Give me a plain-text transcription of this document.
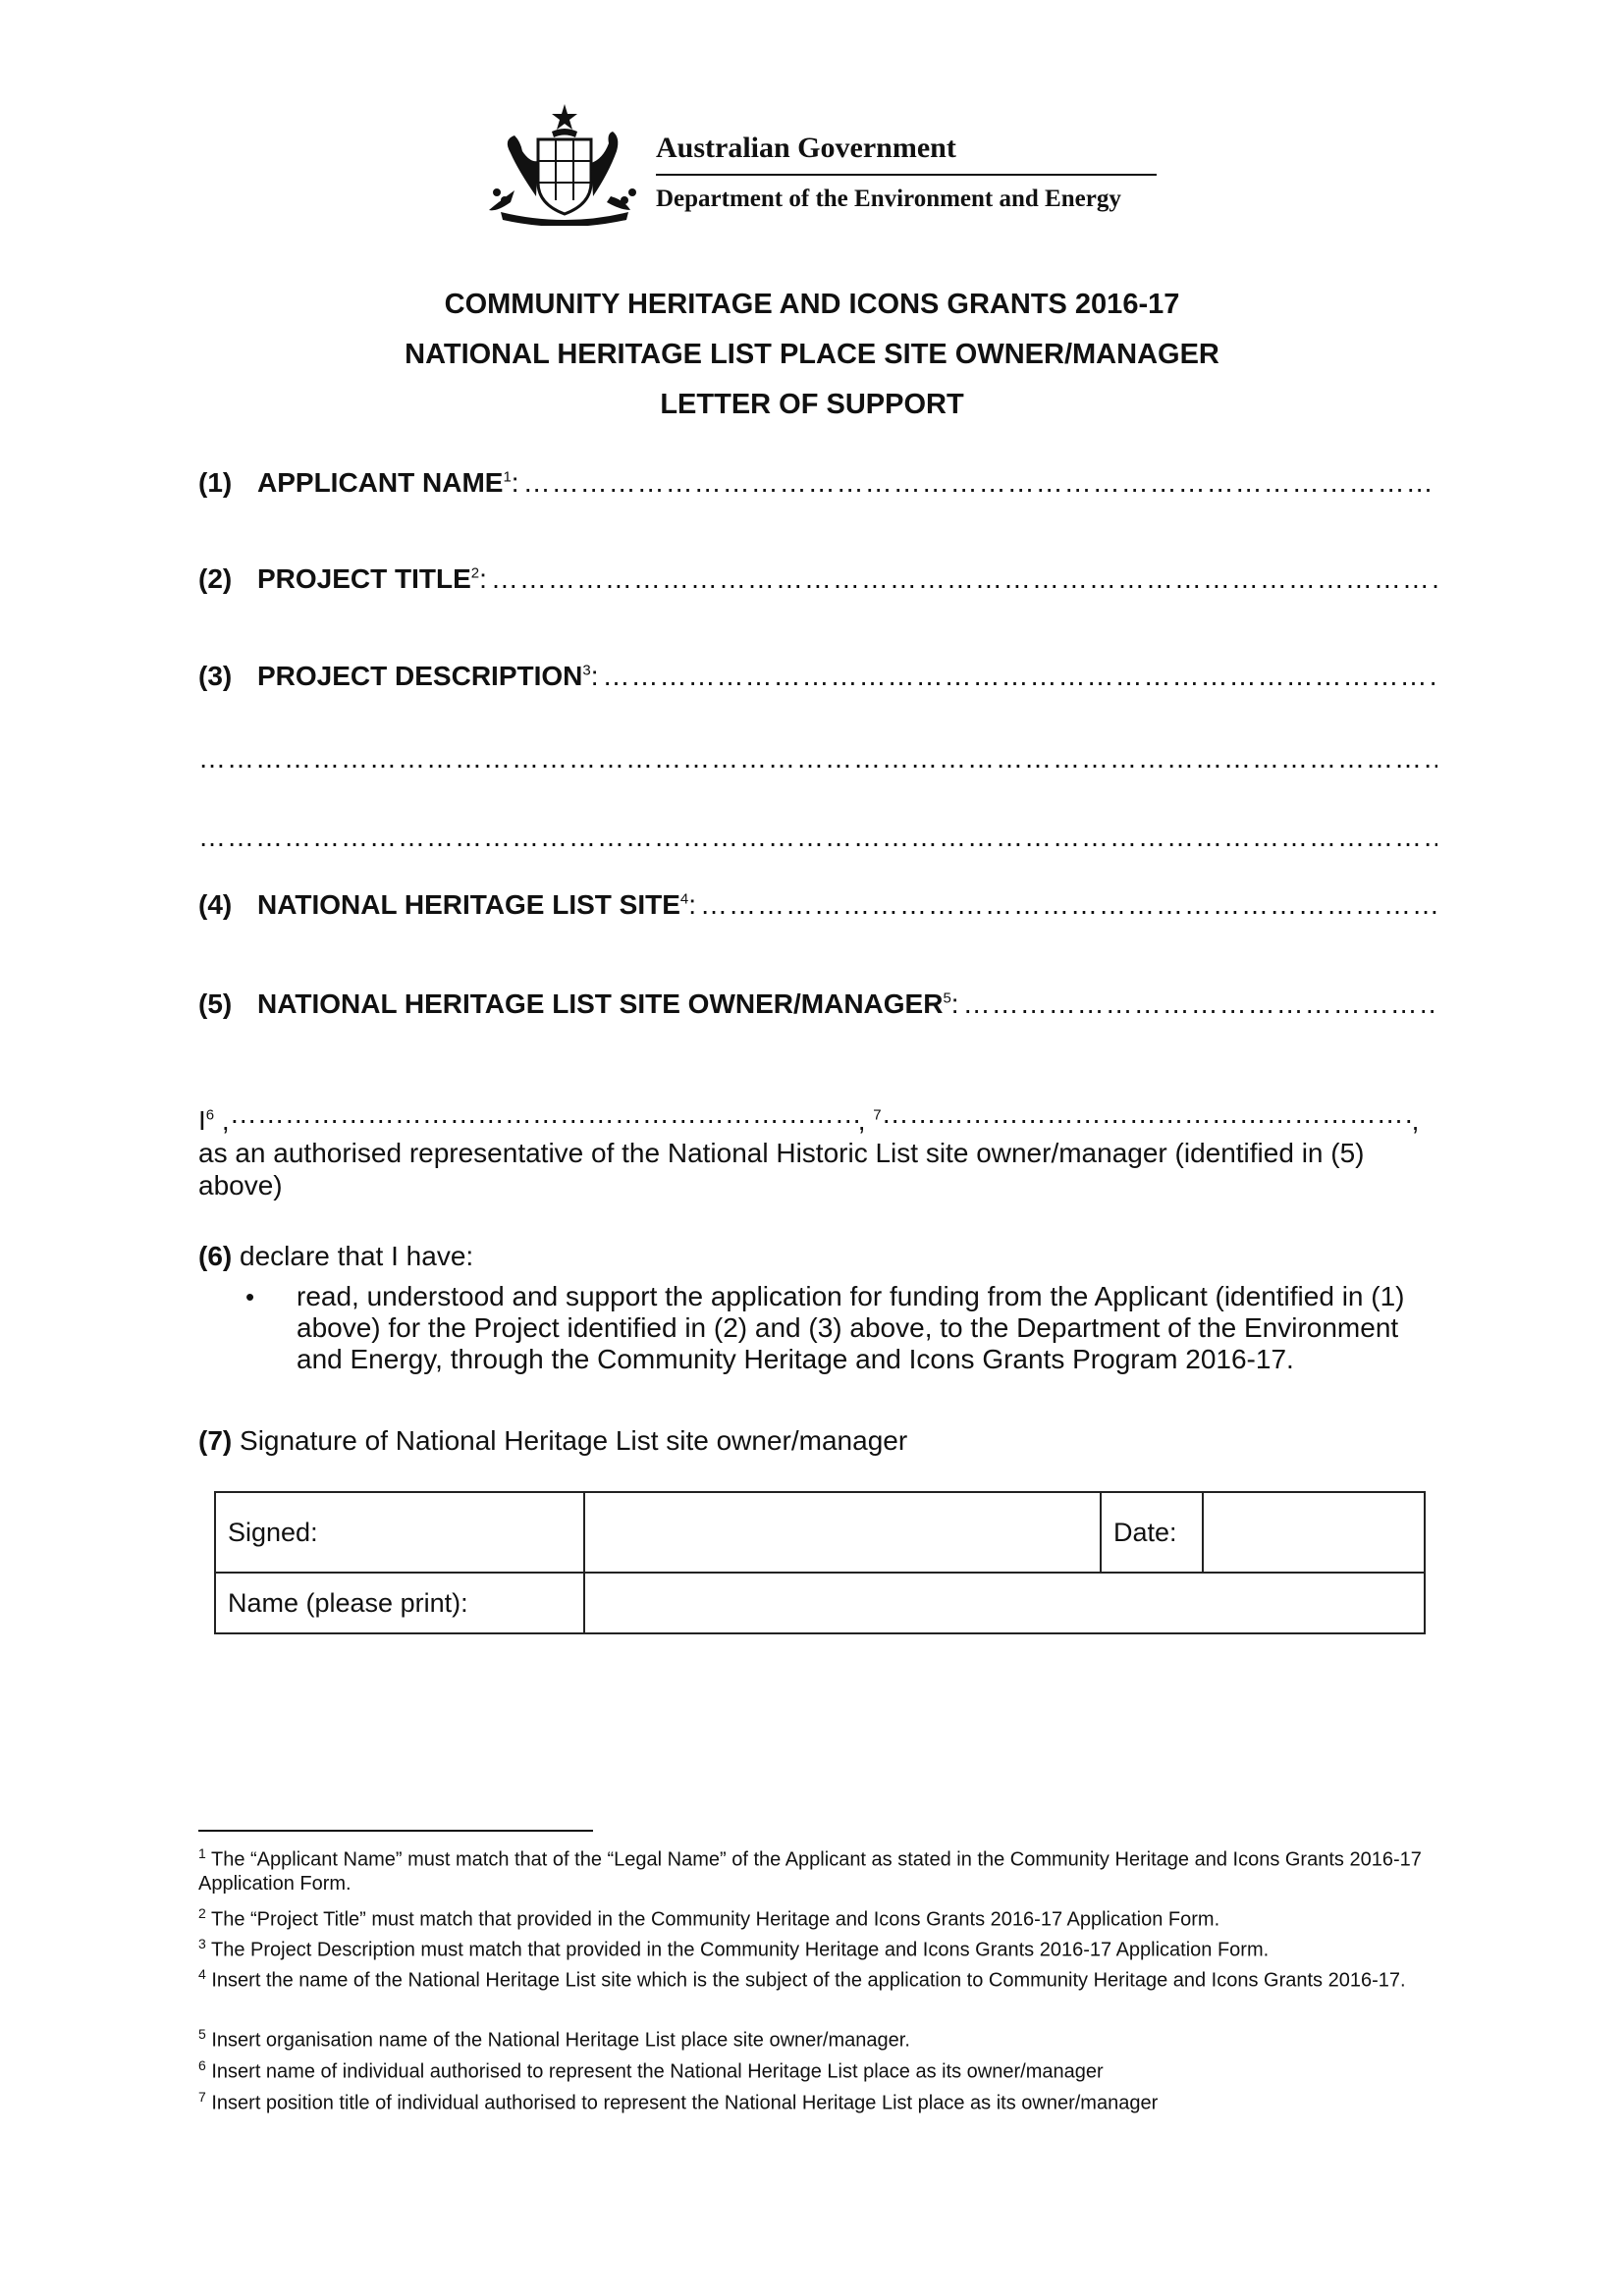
Australian Government
Department of the Environment and Energy
COMMUNITY HERITAGE AND ICONS GRANTS 2016-17
NATIONAL HERITAGE LIST PLACE SITE OWNER/MANAGER
LETTER OF SUPPORT
(1) APPLICANT NAME$^1$:
…………………………………………………………………………………………………………………………………………………………………………………………………………
(2) PROJECT TITLE$^2$:
…………………………………………………………………………………………………………………………………………………………………………………………………………
(3) PROJECT DESCRIPTION$^3$:
…………………………………………………………………………………………………………………………………………………………………………………………………………
……………………………………………………………………………………………………………………………………………………………………………
……………………………………………………………………………………………………………………………………………………………………………
(4) NATIONAL HERITAGE LIST SITE$^4$:
…………………………………………………………………………………………………………………………………………………………………………………………………………
(5) NATIONAL HERITAGE LIST SITE OWNER/MANAGER$^5$:
…………………………………………………………………………………………………………………………………………………………………………………………………………
$I^6$ , ……………………………………………………………………………………………………	, $^7$ ……………………………………………………………………………………………………	,
as an authorised representative of the National Historic List site owner/manager (identified in (5) above)
(6) declare that I have:
•	read, understood and support the application for funding from the Applicant (identified in (1) above) for the Project identified in (2) and (3) above, to the Department of the Environment and Energy, through the Community Heritage and Icons Grants Program 2016-17.
(7) Signature of National Heritage List site owner/manager
Signed:		Date:	
Name (please print):			
$^1$ The “Applicant Name” must match that of the “Legal Name” of the Applicant as stated in the Community Heritage and Icons Grants 2016-17 Application Form.
$^2$ The “Project Title” must match that provided in the Community Heritage and Icons Grants 2016-17 Application Form.
$^3$ The Project Description must match that provided in the Community Heritage and Icons Grants 2016-17 Application Form.
$^4$ Insert the name of the National Heritage List site which is the subject of the application to Community Heritage and Icons Grants 2016-17.
$^5$ Insert organisation name of the National Heritage List place site owner/manager.
$^6$ Insert name of individual authorised to represent the National Heritage List place as its owner/manager
$^7$ Insert position title of individual authorised to represent the National Heritage List place as its owner/manager
